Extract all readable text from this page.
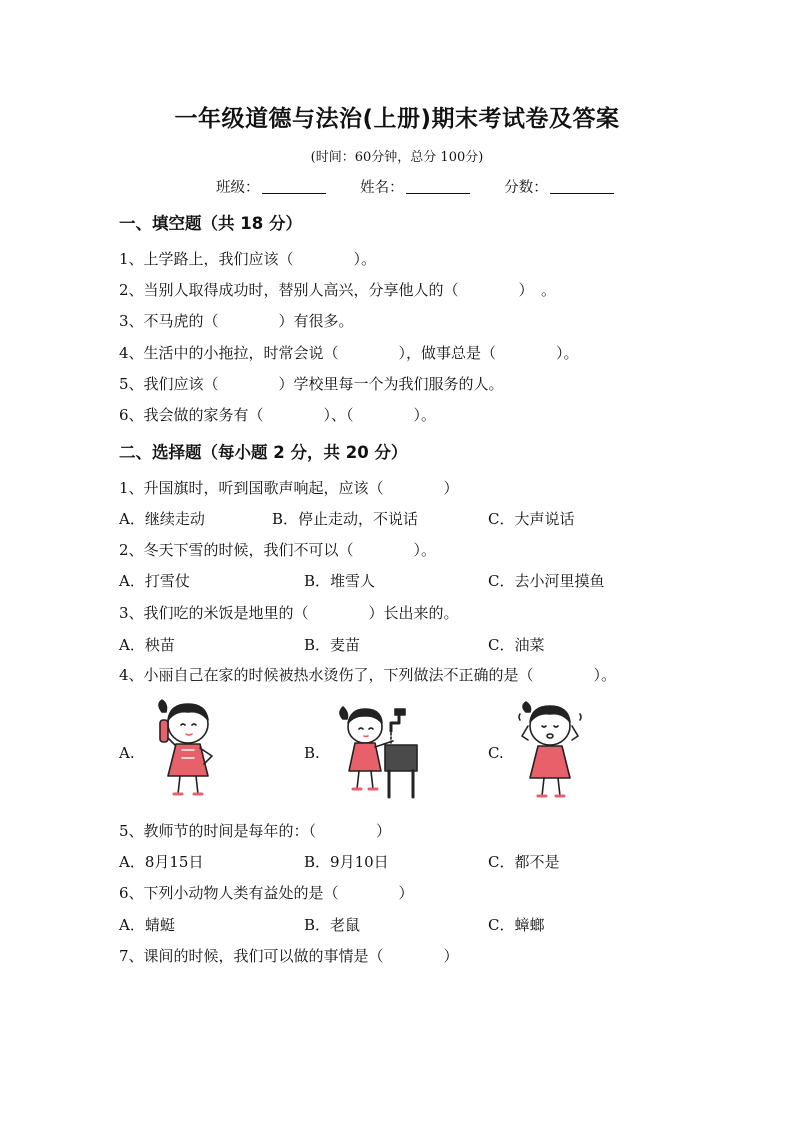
一年级道德与法治(上册)期末考试卷及答案
(时间：60分钟，总分 100分)
班级：	姓名：	分数：
一、填空题（共 18 分）
1、上学路上，我们应该（　　　　）。
2、当别人取得成功时，替别人高兴，分享他人的（　　　　）　。
3、不马虎的（　　　　）有很多。
4、生活中的小拖拉，时常会说（　　　　），做事总是（　　　　）。
5、我们应该（　　　　）学校里每一个为我们服务的人。
6、我会做的家务有（　　　　）、（　　　　）。
二、选择题（每小题 2 分，共 20 分）
1、升国旗时，听到国歌声响起，应该（　　　　）
A．继续走动	B．停止走动，不说话	C．大声说话
2、冬天下雪的时候，我们不可以（　　　　）。
A．打雪仗	B．堆雪人	C．去小河里摸鱼
3、我们吃的米饭是地里的（　　　　）长出来的。
A．秧苗	B．麦苗	C．油菜
4、小丽自己在家的时候被热水烫伤了，下列做法不正确的是（　　　　）。
A.	B.	C.
5、教师节的时间是每年的：（　　　　）
A．8月15日	B．9月10日	C．都不是
6、下列小动物人类有益处的是（　　　　）
A．蜻蜓	B．老鼠	C．蟑螂
7、课间的时候，我们可以做的事情是（　　　　）
